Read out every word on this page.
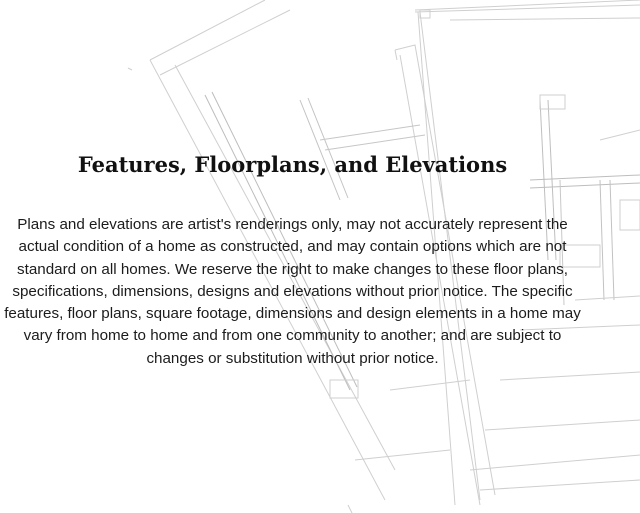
Features, Floorplans, and Elevations

Plans and elevations are artist's renderings only, may not accurately represent the actual condition of a home as constructed, and may contain options which are not standard on all homes. We reserve the right to make changes to these floor plans, specifications, dimensions, designs and elevations without prior notice. The specific features, floor plans, square footage, dimensions and design elements in a home may vary from home to home and from one community to another; and are subject to changes or substitution without prior notice.
